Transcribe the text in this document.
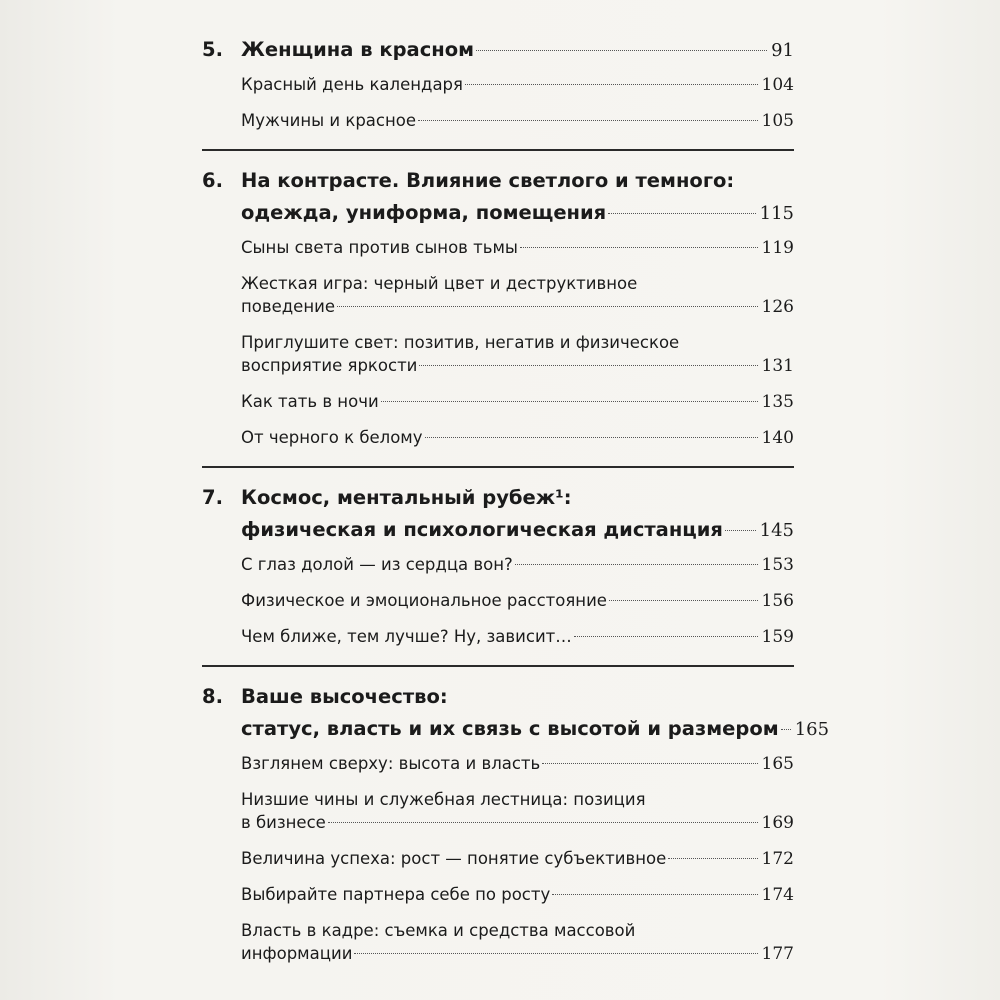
5. Женщина в красном	91
Красный день календаря	104
Мужчины и красное	105
6. На контрасте. Влияние светлого и темного:
одежда, униформа, помещения	115
Сыны света против сынов тьмы	119
Жесткая игра: черный цвет и деструктивное
поведение	126
Приглушите свет: позитив, негатив и физическое
восприятие яркости	131
Как тать в ночи	135
От черного к белому	140
7. Космос, ментальный рубеж¹:
физическая и психологическая дистанция 145
С глаз долой — из сердца вон?	153
Физическое и эмоциональное расстояние	156
Чем ближе, тем лучше? Ну, зависит…	159
8. Ваше высочество:
статус, власть и их связь с высотой и размером 165
Взглянем сверху: высота и власть	165
Низшие чины и служебная лестница: позиция
в бизнесе	169
Величина успеха: рост — понятие субъективное	172
Выбирайте партнера себе по росту	174
Власть в кадре: съемка и средства массовой
информации	177
